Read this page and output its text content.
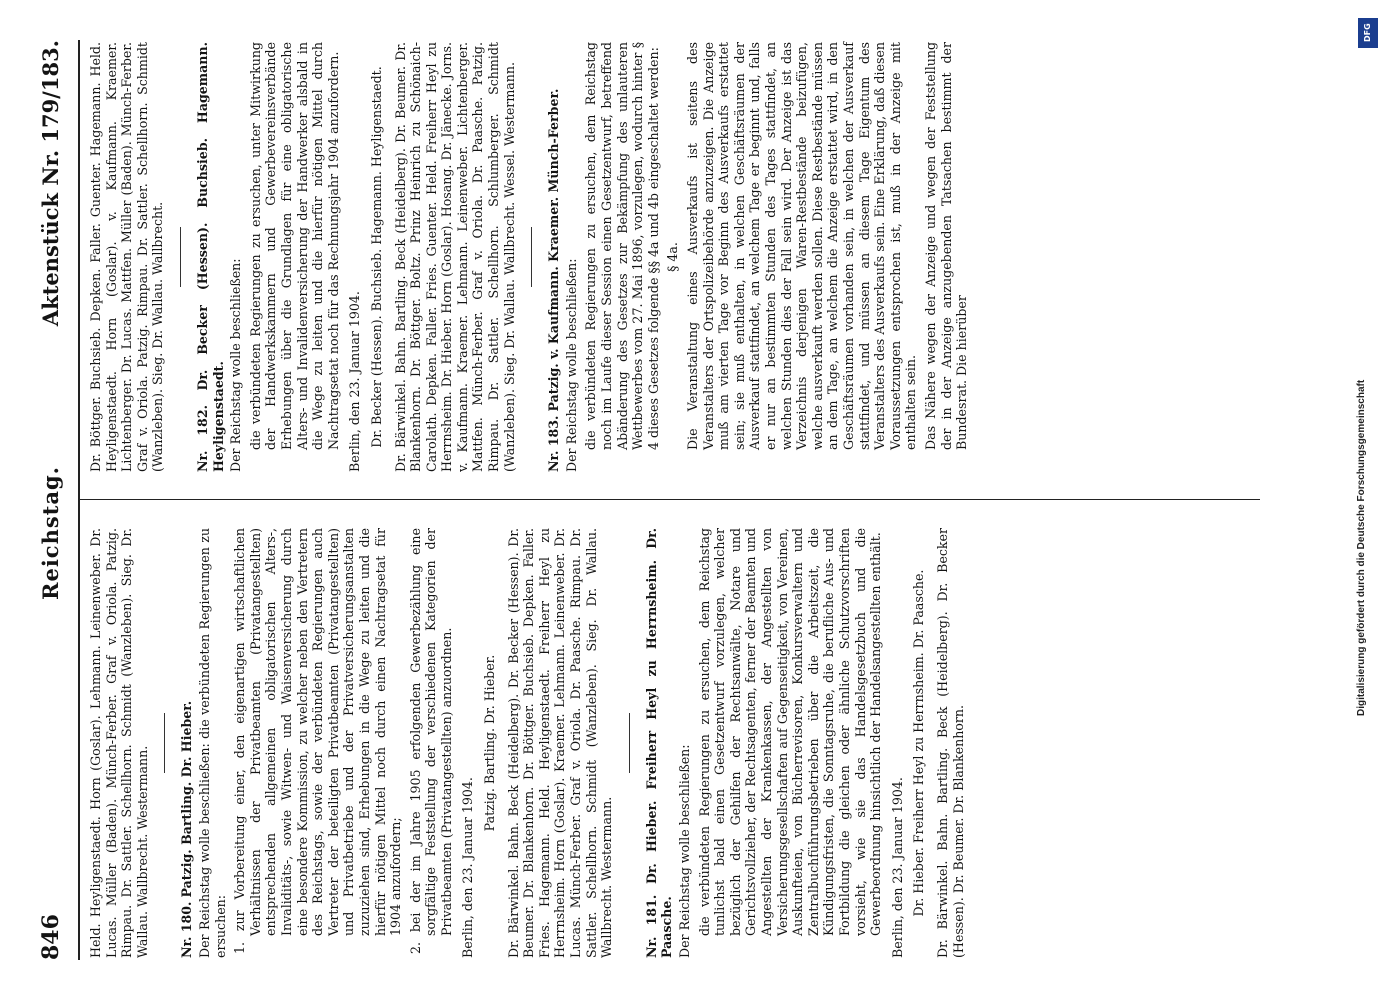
846
Reichstag.
Aktenstück Nr. 179/183.

Held. Heyligenstaedt. Horn (Goslar). Lehmann. Leinenweber. Dr. Lucas. Müller (Baden). Münch-Ferber. Graf v. Oriola. Patzig. Rimpau. Dr. Sattler. Schellhorn. Schmidt (Wanzleben). Sieg. Dr. Wallau. Wallbrecht. Westermann. Nr. 180. Patzig. Bartling. Dr. Hieber. Der Reichstag wolle beschließen: die verbündeten Regierungen zu ersuchen: 1. zur Vorbereitung einer, den eigenartigen wirtschaftlichen Verhältnissen der Privatbeamten (Privatangestellten) entsprechenden allgemeinen obligatorischen Alters-, Invaliditäts-, sowie Witwen- und Waisenversicherung durch eine besondere Kommission, zu welcher neben den Vertretern des Reichstags, sowie der verbündeten Regierungen auch Vertreter der beteiligten Privatbeamten (Privatangestellten) und Privatbetriebe und der Privatversicherungsanstalten zuzuziehen sind, Erhebungen in die Wege zu leiten und die hierfür nötigen Mittel noch durch einen Nachtragsetat für 1904 anzufordern; 2. bei der im Jahre 1905 erfolgenden Gewerbezählung eine sorgfältige Feststellung der verschiedenen Kategorien der Privatbeamten (Privatangestellten) anzuordnen. Berlin, den 23. Januar 1904.

Patzig. Bartling. Dr. Hieber. Dr. Bärwinkel. Bahn. Beck (Heidelberg). Dr. Becker (Hessen). Dr. Beumer. Dr. Blankenhorn. Dr. Böttger. Buchsieb. Depken. Faller. Fries. Hagemann. Held. Heyligenstaedt. Freiherr Heyl zu Herrnsheim. Horn (Goslar). Kraemer. Lehmann. Leinenweber. Dr. Lucas. Münch-Ferber. Graf v. Oriola. Dr. Paasche. Rimpau. Dr. Sattler. Schellhorn. Schmidt (Wanzleben). Sieg. Dr. Wallau. Wallbrecht. Westermann. Nr. 181. Dr. Hieber. Freiherr Heyl zu Herrnsheim. Dr. Paasche. Der Reichstag wolle beschließen: die verbündeten Regierungen zu ersuchen, dem Reichstag tunlichst bald einen Gesetzentwurf vorzulegen, welcher bezüglich der Gehilfen der Rechtsanwälte, Notare und Gerichtsvollzieher, der Rechtsagenten, ferner der Beamten und Angestellten der Krankenkassen, der Angestellten von Versicherungsgesellschaften auf Gegenseitigkeit, von Vereinen, Auskunfteien, von Bücherrevisoren, Konkursverwaltern und Zentralbuchführungsbetrieben über die Arbeitszeit, die Kündigungsfristen, die Sonntagsruhe, die berufliche Aus- und Fortbildung die gleichen oder ähnliche Schutzvorschriften vorsieht, wie sie das Handelsgesetzbuch und die Gewerbeordnung hinsichtlich der Handelsangestellten enthält. Berlin, den 23. Januar 1904. Dr. Hieber. Freiherr Heyl zu Herrnsheim. Dr. Paasche. Dr. Bärwinkel. Bahn. Bartling. Beck (Heidelberg). Dr. Becker (Hessen). Dr. Beumer. Dr. Blankenhorn.

Dr. Böttger. Buchsieb. Depken. Faller. Guenter. Hagemann. Held. Heyligenstaedt. Horn (Goslar). v. Kaufmann. Kraemer. Lichtenberger. Dr. Lucas. Mattfen. Müller (Baden). Münch-Ferber. Graf v. Oriola. Patzig. Rimpau. Dr. Sattler. Schellhorn. Schmidt (Wanzleben). Sieg. Dr. Wallau. Wallbrecht. Nr. 182. Dr. Becker (Hessen). Buchsieb. Hagemann. Heyligenstaedt. Der Reichstag wolle beschließen: die verbündeten Regierungen zu ersuchen, unter Mitwirkung der Handwerkskammern und Gewerbevereinsverbände Erhebungen über die Grundlagen für eine obligatorische Alters- und Invalidenversicherung der Handwerker alsbald in die Wege zu leiten und die hierfür nötigen Mittel durch Nachtragsetat noch für das Rechnungsjahr 1904 anzufordern. Berlin, den 23. Januar 1904. Dr. Becker (Hessen). Buchsieb. Hagemann. Heyligenstaedt. Dr. Bärwinkel. Bahn. Bartling. Beck (Heidelberg). Dr. Beumer. Dr. Blankenhorn. Dr. Böttger. Boltz. Prinz Heinrich zu Schönaich-Carolath. Depken. Faller. Fries. Guenter. Held. Freiherr Heyl zu Herrnsheim. Dr. Hieber. Horn (Goslar). Hosang. Dr. Jänecke. Jorns. v. Kaufmann. Kraemer. Lehmann. Leinenweber. Lichtenberger. Mattfen. Münch-Ferber. Graf v. Oriola. Dr. Paasche. Patzig. Rimpau. Dr. Sattler. Schellhorn. Schlumberger. Schmidt (Wanzleben). Sieg. Dr. Wallau. Wallbrecht. Wessel. Westermann. Nr. 183. Patzig. v. Kaufmann. Kraemer. Münch-Ferber. Der Reichstag wolle beschließen: die verbündeten Regierungen zu ersuchen, dem Reichstag noch im Laufe dieser Session einen Gesetzentwurf, betreffend Abänderung des Gesetzes zur Bekämpfung des unlauteren Wettbewerbes vom 27. Mai 1896, vorzulegen, wodurch hinter § 4 dieses Gesetzes folgende §§ 4a und 4b eingeschaltet werden: § 4a. Die Veranstaltung eines Ausverkaufs ist seitens des Veranstalters der Ortspolizeibehörde anzuzeigen. Die Anzeige muß am vierten Tage vor Beginn des Ausverkaufs erstattet sein; sie muß enthalten, in welchen Geschäftsräumen der Ausverkauf stattfindet, an welchem Tage er beginnt und, falls er nur an bestimmten Stunden des Tages stattfindet, an welchen Stunden dies der Fall sein wird. Der Anzeige ist das Verzeichnis derjenigen Waren-Restbestände beizufügen, welche ausverkauft werden sollen. Diese Restbestände müssen an dem Tage, an welchem die Anzeige erstattet wird, in den Geschäftsräumen vorhanden sein, in welchen der Ausverkauf stattfindet, und müssen an diesem Tage Eigentum des Veranstalters des Ausverkaufs sein. Eine Erklärung, daß diesen Voraussetzungen entsprochen ist, muß in der Anzeige mit enthalten sein. Das Nähere wegen der Anzeige und wegen der Feststellung der in der Anzeige anzugebenden Tatsachen bestimmt der Bundesrat. Die hierüber

DFG
Digitalisierung gefördert durch die Deutsche Forschungsgemeinschaft
